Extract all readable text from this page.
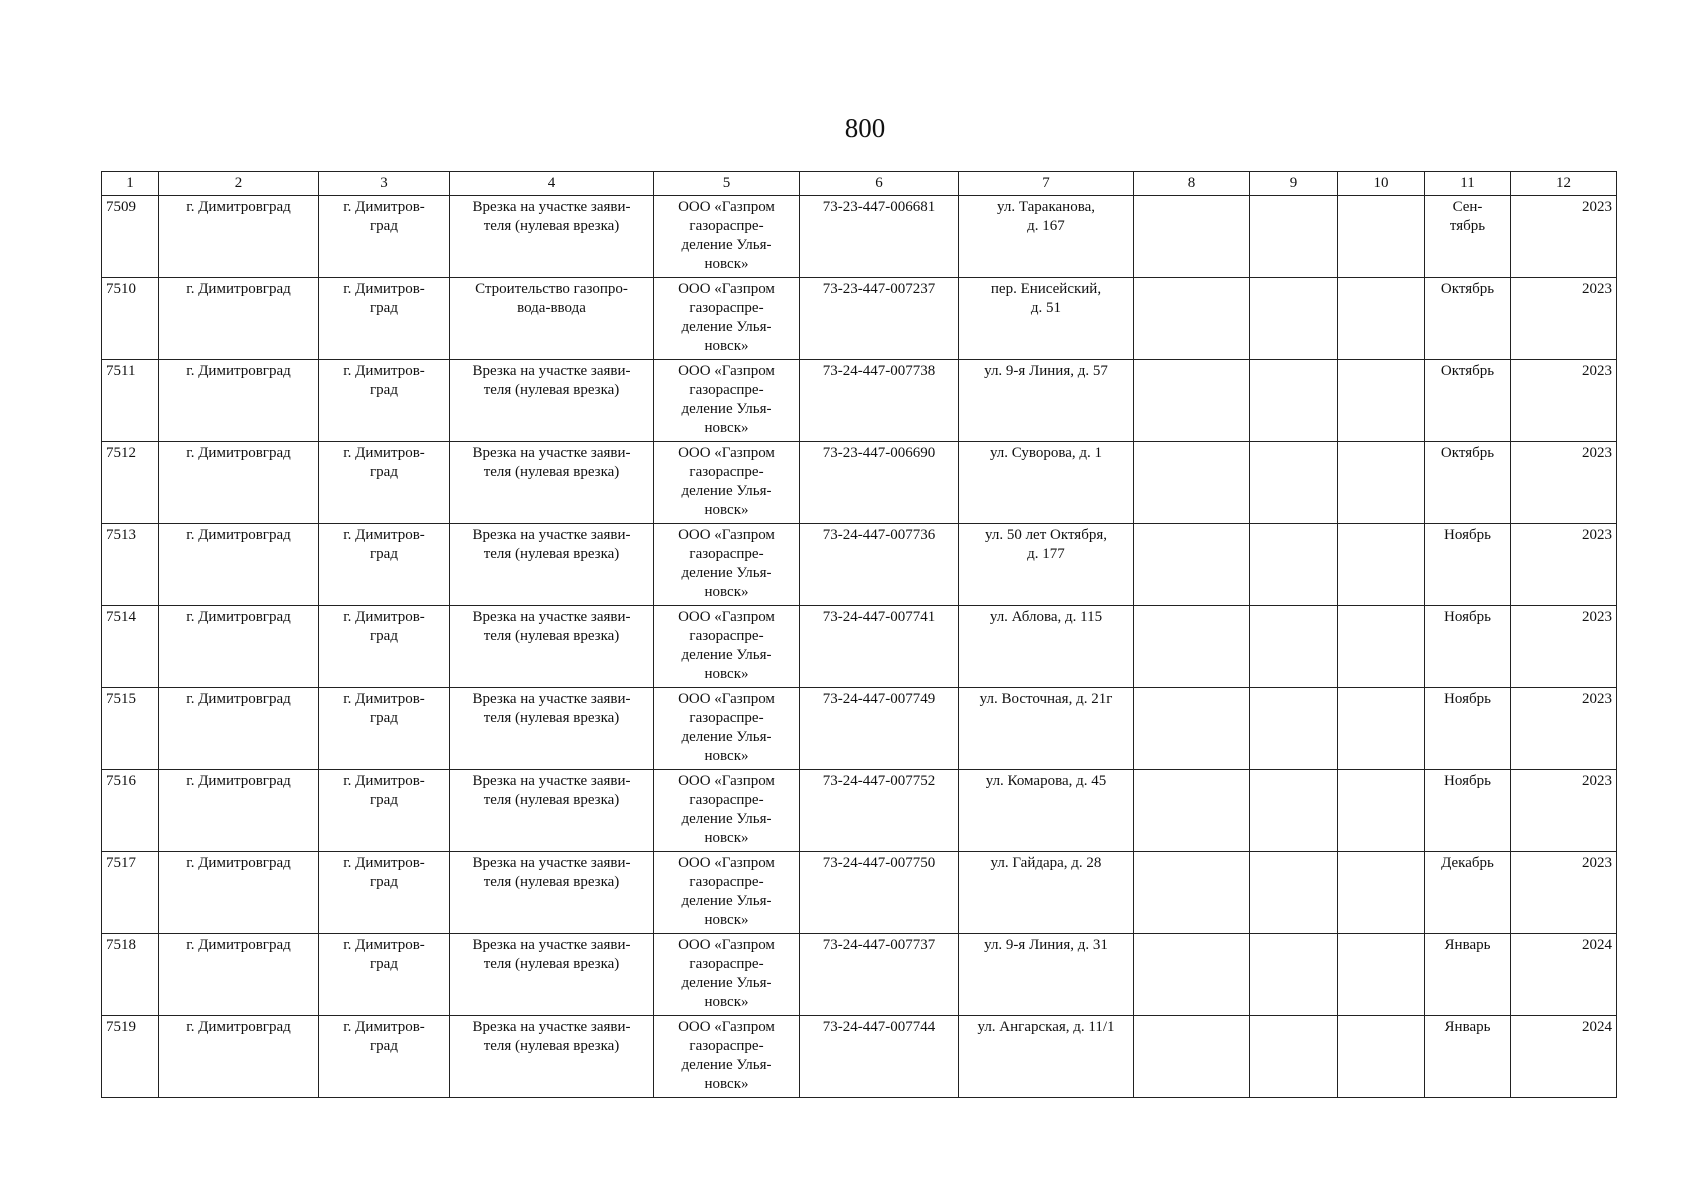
800
1	2	3	4	5	6	7	8	9	10	11	12
7509	г. Димитровград	г. Димитров-
град	Врезка на участке заяви-
теля (нулевая врезка)	ООО «Газпром
газораспре-
деление Улья-
новск»	73-23-447-006681	ул. Тараканова,
д. 167				Сен-
тябрь	2023
7510	г. Димитровград	г. Димитров-
град	Строительство газопро-
вода-ввода	ООО «Газпром
газораспре-
деление Улья-
новск»	73-23-447-007237	пер. Енисейский,
д. 51				Октябрь	2023
7511	г. Димитровград	г. Димитров-
град	Врезка на участке заяви-
теля (нулевая врезка)	ООО «Газпром
газораспре-
деление Улья-
новск»	73-24-447-007738	ул. 9-я Линия, д. 57				Октябрь	2023
7512	г. Димитровград	г. Димитров-
град	Врезка на участке заяви-
теля (нулевая врезка)	ООО «Газпром
газораспре-
деление Улья-
новск»	73-23-447-006690	ул. Суворова, д. 1				Октябрь	2023
7513	г. Димитровград	г. Димитров-
град	Врезка на участке заяви-
теля (нулевая врезка)	ООО «Газпром
газораспре-
деление Улья-
новск»	73-24-447-007736	ул. 50 лет Октября,
д. 177				Ноябрь	2023
7514	г. Димитровград	г. Димитров-
град	Врезка на участке заяви-
теля (нулевая врезка)	ООО «Газпром
газораспре-
деление Улья-
новск»	73-24-447-007741	ул. Аблова, д. 115				Ноябрь	2023
7515	г. Димитровград	г. Димитров-
град	Врезка на участке заяви-
теля (нулевая врезка)	ООО «Газпром
газораспре-
деление Улья-
новск»	73-24-447-007749	ул. Восточная, д. 21г				Ноябрь	2023
7516	г. Димитровград	г. Димитров-
град	Врезка на участке заяви-
теля (нулевая врезка)	ООО «Газпром
газораспре-
деление Улья-
новск»	73-24-447-007752	ул. Комарова, д. 45				Ноябрь	2023
7517	г. Димитровград	г. Димитров-
град	Врезка на участке заяви-
теля (нулевая врезка)	ООО «Газпром
газораспре-
деление Улья-
новск»	73-24-447-007750	ул. Гайдара, д. 28				Декабрь	2023
7518	г. Димитровград	г. Димитров-
град	Врезка на участке заяви-
теля (нулевая врезка)	ООО «Газпром
газораспре-
деление Улья-
новск»	73-24-447-007737	ул. 9-я Линия, д. 31				Январь	2024
7519	г. Димитровград	г. Димитров-
град	Врезка на участке заяви-
теля (нулевая врезка)	ООО «Газпром
газораспре-
деление Улья-
новск»	73-24-447-007744	ул. Ангарская, д. 11/1				Январь	2024
